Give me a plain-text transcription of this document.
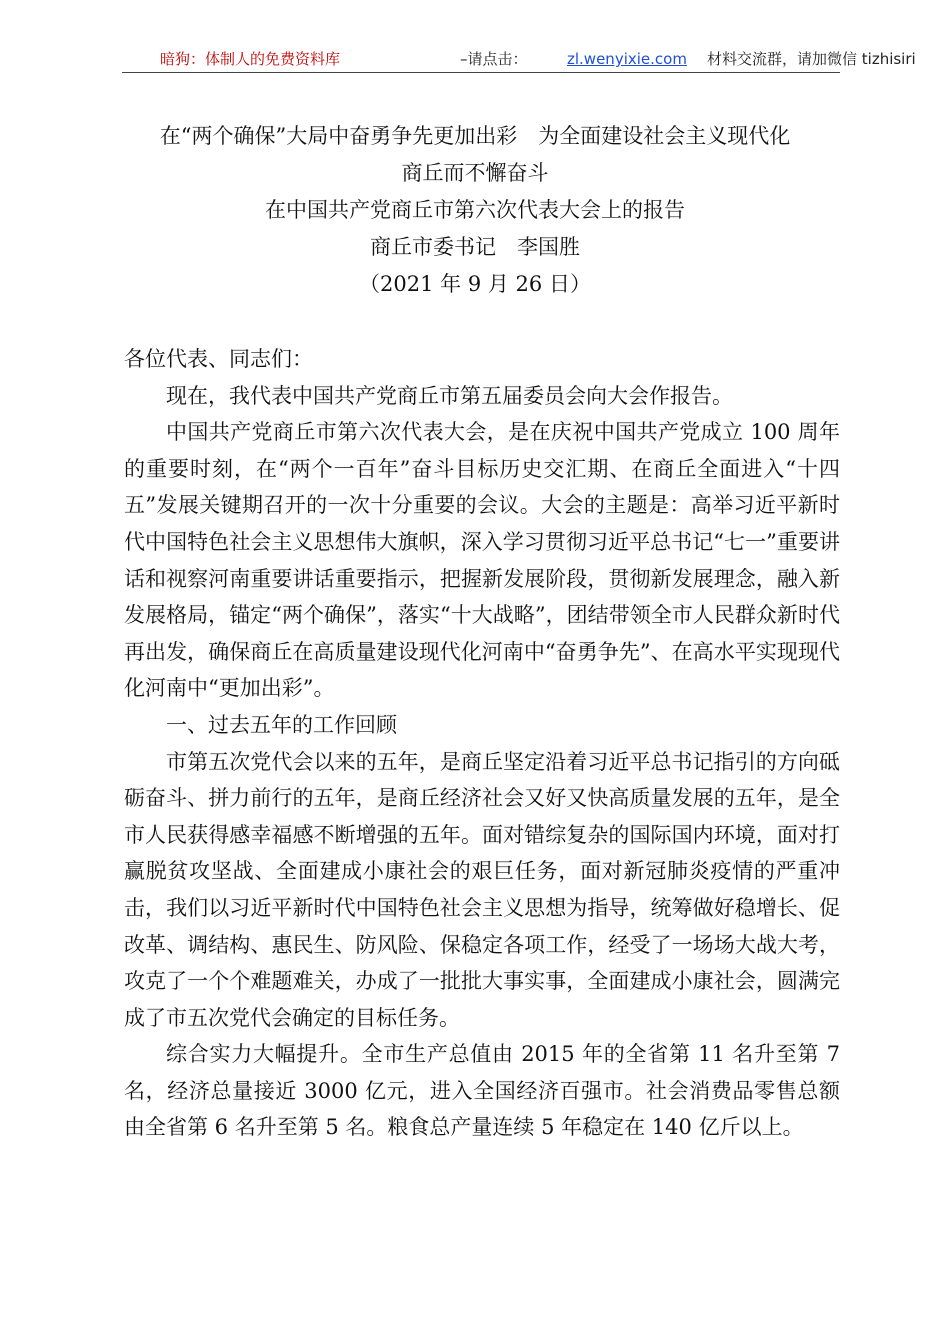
暗狗：体制人的免费资料库	–请点击：	zl.wenyixie.com 材料交流群，请加微信 tizhisiri
在“两个确保”大局中奋勇争先更加出彩　为全面建设社会主义现代化
商丘而不懈奋斗
在中国共产党商丘市第六次代表大会上的报告
商丘市委书记　李国胜
（2021 年 9 月 26 日）
各位代表、同志们：
现在，我代表中国共产党商丘市第五届委员会向大会作报告。
中国共产党商丘市第六次代表大会，是在庆祝中国共产党成立 100 周年的重要时刻，在“两个一百年”奋斗目标历史交汇期、在商丘全面进入“十四五”发展关键期召开的一次十分重要的会议。大会的主题是：高举习近平新时代中国特色社会主义思想伟大旗帜，深入学习贯彻习近平总书记“七一”重要讲话和视察河南重要讲话重要指示，把握新发展阶段，贯彻新发展理念，融入新发展格局，锚定“两个确保”，落实“十大战略”，团结带领全市人民群众新时代再出发，确保商丘在高质量建设现代化河南中“奋勇争先”、在高水平实现现代化河南中“更加出彩”。
一、过去五年的工作回顾
市第五次党代会以来的五年，是商丘坚定沿着习近平总书记指引的方向砥砺奋斗、拼力前行的五年，是商丘经济社会又好又快高质量发展的五年，是全市人民获得感幸福感不断增强的五年。面对错综复杂的国际国内环境，面对打赢脱贫攻坚战、全面建成小康社会的艰巨任务，面对新冠肺炎疫情的严重冲击，我们以习近平新时代中国特色社会主义思想为指导，统筹做好稳增长、促改革、调结构、惠民生、防风险、保稳定各项工作，经受了一场场大战大考，攻克了一个个难题难关，办成了一批批大事实事，全面建成小康社会，圆满完成了市五次党代会确定的目标任务。
综合实力大幅提升。全市生产总值由 2015 年的全省第 11 名升至第 7 名，经济总量接近 3000 亿元，进入全国经济百强市。社会消费品零售总额由全省第 6 名升至第 5 名。粮食总产量连续 5 年稳定在 140 亿斤以上。
